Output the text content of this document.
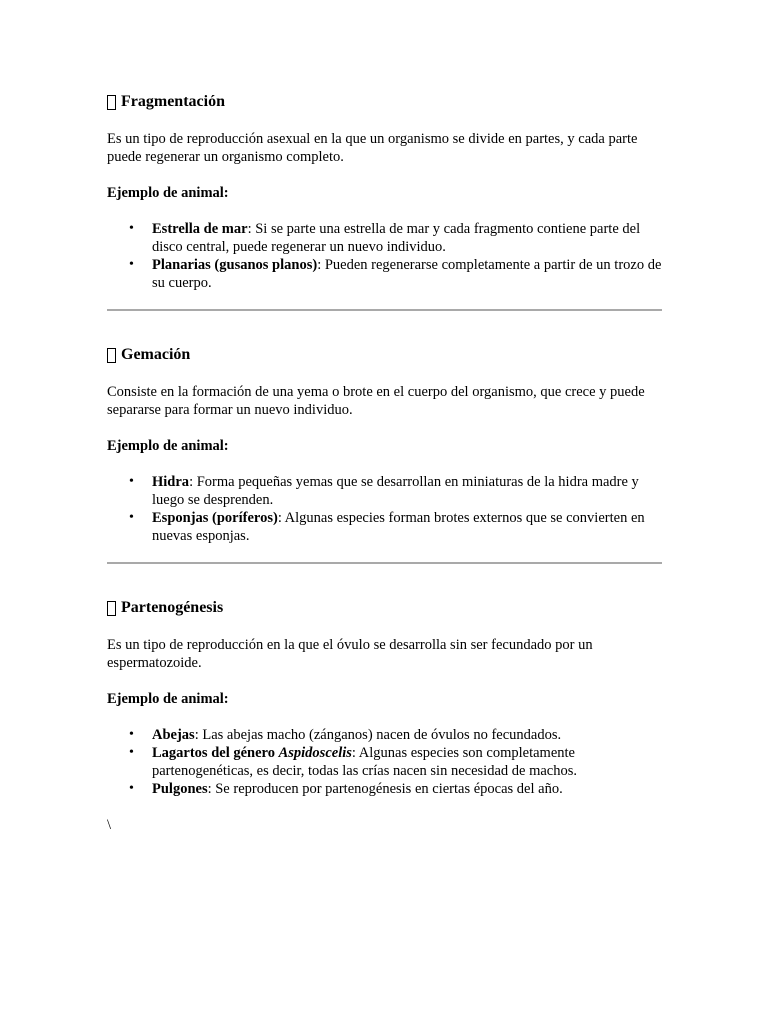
Fragmentación

Es un tipo de reproducción asexual en la que un organismo se divide en partes, y cada parte puede regenerar un organismo completo.

Ejemplo de animal:

• Estrella de mar: Si se parte una estrella de mar y cada fragmento contiene parte del disco central, puede regenerar un nuevo individuo.
• Planarias (gusanos planos): Pueden regenerarse completamente a partir de un trozo de su cuerpo.
Gemación

Consiste en la formación de una yema o brote en el cuerpo del organismo, que crece y puede separarse para formar un nuevo individuo.

Ejemplo de animal:

• Hidra: Forma pequeñas yemas que se desarrollan en miniaturas de la hidra madre y luego se desprenden.
• Esponjas (poríferos): Algunas especies forman brotes externos que se convierten en nuevas esponjas.
Partenogénesis

Es un tipo de reproducción en la que el óvulo se desarrolla sin ser fecundado por un espermatozoide.

Ejemplo de animal:

• Abejas: Las abejas macho (zánganos) nacen de óvulos no fecundados.
• Lagartos del género Aspidoscelis: Algunas especies son completamente partenogenéticas, es decir, todas las crías nacen sin necesidad de machos.
• Pulgones: Se reproducen por partenogénesis en ciertas épocas del año.
\
